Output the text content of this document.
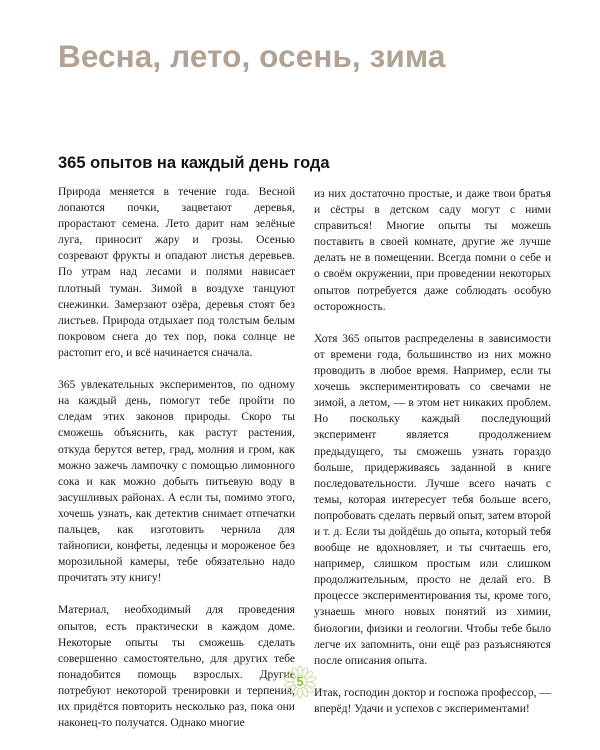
Весна, лето, осень, зима
365 опытов на каждый день года

Природа меняется в течение года. Весной лопаются почки, зацветают деревья, прорастают семена. Лето дарит нам зелёные луга, приносит жару и грозы. Осенью созревают фрукты и опадают листья деревьев. По утрам над лесами и полями нависает плотный туман. Зимой в воздухе танцуют снежинки. Замерзают озёра, деревья стоят без листьев. Природа отдыхает под толстым белым покровом снега до тех пор, пока солнце не растопит его, и всё начинается сначала.

365 увлекательных экспериментов, по одному на каждый день, помогут тебе пройти по следам этих законов природы. Скоро ты сможешь объяснить, как растут растения, откуда берутся ветер, град, молния и гром, как можно зажечь лампочку с помощью лимонного сока и как можно добыть питьевую воду в засушливых районах. А если ты, помимо этого, хочешь узнать, как детектив снимает отпечатки пальцев, как изготовить чернила для тайнописи, конфеты, леденцы и мороженое без морозильной камеры, тебе обязательно надо прочитать эту книгу!

Материал, необходимый для проведения опытов, есть практически в каждом доме. Некоторые опыты ты сможешь сделать совершенно самостоятельно, для других тебе понадобится помощь взрослых. Другие потребуют некоторой тренировки и терпения, их придётся повторить несколько раз, пока они наконец-то получатся. Однако многие

из них достаточно простые, и даже твои братья и сёстры в детском саду могут с ними справиться! Многие опыты ты можешь поставить в своей комнате, другие же лучше делать не в помещении. Всегда помни о себе и о своём окружении, при проведении некоторых опытов потребуется даже соблюдать особую осторожность.

Хотя 365 опытов распределены в зависимости от времени года, большинство из них можно проводить в любое время. Например, если ты хочешь экспериментировать со свечами не зимой, а летом, — в этом нет никаких проблем. Но поскольку каждый последующий эксперимент является продолжением предыдущего, ты сможешь узнать гораздо больше, придерживаясь заданной в книге последовательности. Лучше всего начать с темы, которая интересует тебя больше всего, попробовать сделать первый опыт, затем второй и т. д. Если ты дойдёшь до опыта, который тебя вообще не вдохновляет, и ты считаешь его, например, слишком простым или слишком продолжительным, просто не делай его. В процессе экспериментирования ты, кроме того, узнаешь много новых понятий из химии, биологии, физики и геологии. Чтобы тебе было легче их запомнить, они ещё раз разъясняются после описания опыта.

Итак, господин доктор и госпожа профессор, — вперёд! Удачи и успехов с экспериментами!

5
